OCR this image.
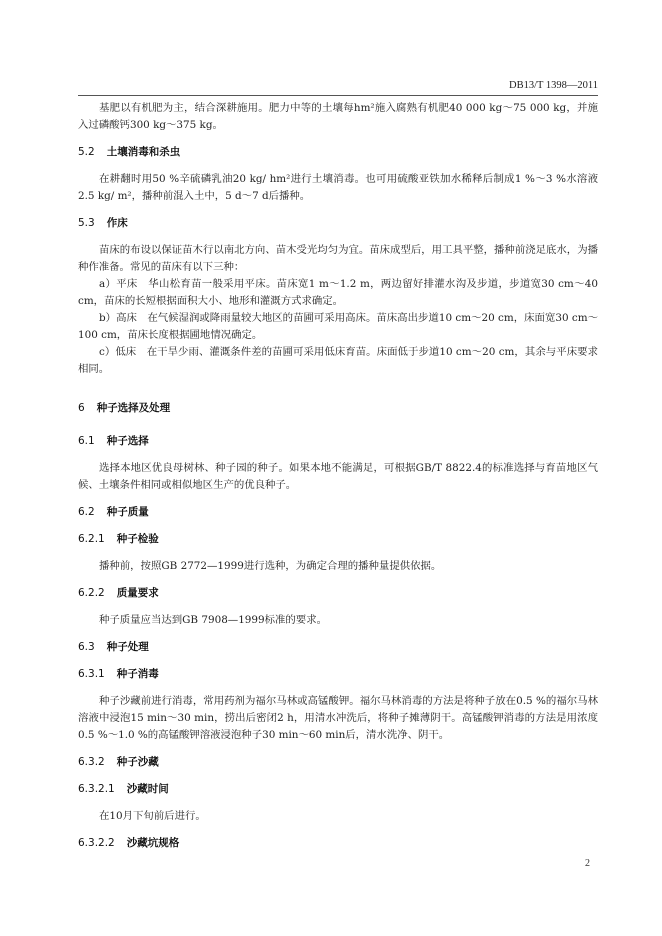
DB13/T 1398—2011

基肥以有机肥为主，结合深耕施用。肥力中等的土壤每hm²施入腐熟有机肥40 000 kg～75 000 kg，并施入过磷酸钙300 kg～375 kg。

5.2 土壤消毒和杀虫

在耕翻时用50 %辛硫磷乳油20 kg/ hm²进行土壤消毒。也可用硫酸亚铁加水稀释后制成1 %～3 %水溶液2.5 kg/ m²，播种前混入土中，5 d～7 d后播种。

5.3 作床

苗床的布设以保证苗木行以南北方向、苗木受光均匀为宜。苗床成型后，用工具平整，播种前浇足底水，为播种作准备。常见的苗床有以下三种：

a）平床　华山松育苗一般采用平床。苗床宽1 m～1.2 m，两边留好排灌水沟及步道，步道宽30 cm～40 cm，苗床的长短根据面积大小、地形和灌溉方式求确定。

b）高床　在气候湿润或降雨量较大地区的苗圃可采用高床。苗床高出步道10 cm～20 cm，床面宽30 cm～100 cm，苗床长度根据圃地情况确定。

c）低床　在干旱少雨、灌溉条件差的苗圃可采用低床育苗。床面低于步道10 cm～20 cm，其余与平床要求相同。

6 种子选择及处理
6.1 种子选择

选择本地区优良母树林、种子园的种子。如果本地不能满足，可根据GB/T 8822.4的标准选择与育苗地区气候、土壤条件相同或相似地区生产的优良种子。

6.2 种子质量
6.2.1 种子检验

播种前，按照GB 2772—1999进行选种，为确定合理的播种量提供依据。

6.2.2 质量要求

种子质量应当达到GB 7908—1999标准的要求。

6.3 种子处理
6.3.1 种子消毒

种子沙藏前进行消毒，常用药剂为福尔马林或高锰酸钾。福尔马林消毒的方法是将种子放在0.5 %的福尔马林溶液中浸泡15 min～30 min，捞出后密闭2 h，用清水冲洗后，将种子摊薄阴干。高锰酸钾消毒的方法是用浓度0.5 %～1.0 %的高锰酸钾溶液浸泡种子30 min～60 min后，清水洗净、阴干。

6.3.2 种子沙藏
6.3.2.1 沙藏时间

在10月下旬前后进行。

6.3.2.2 沙藏坑规格
2
